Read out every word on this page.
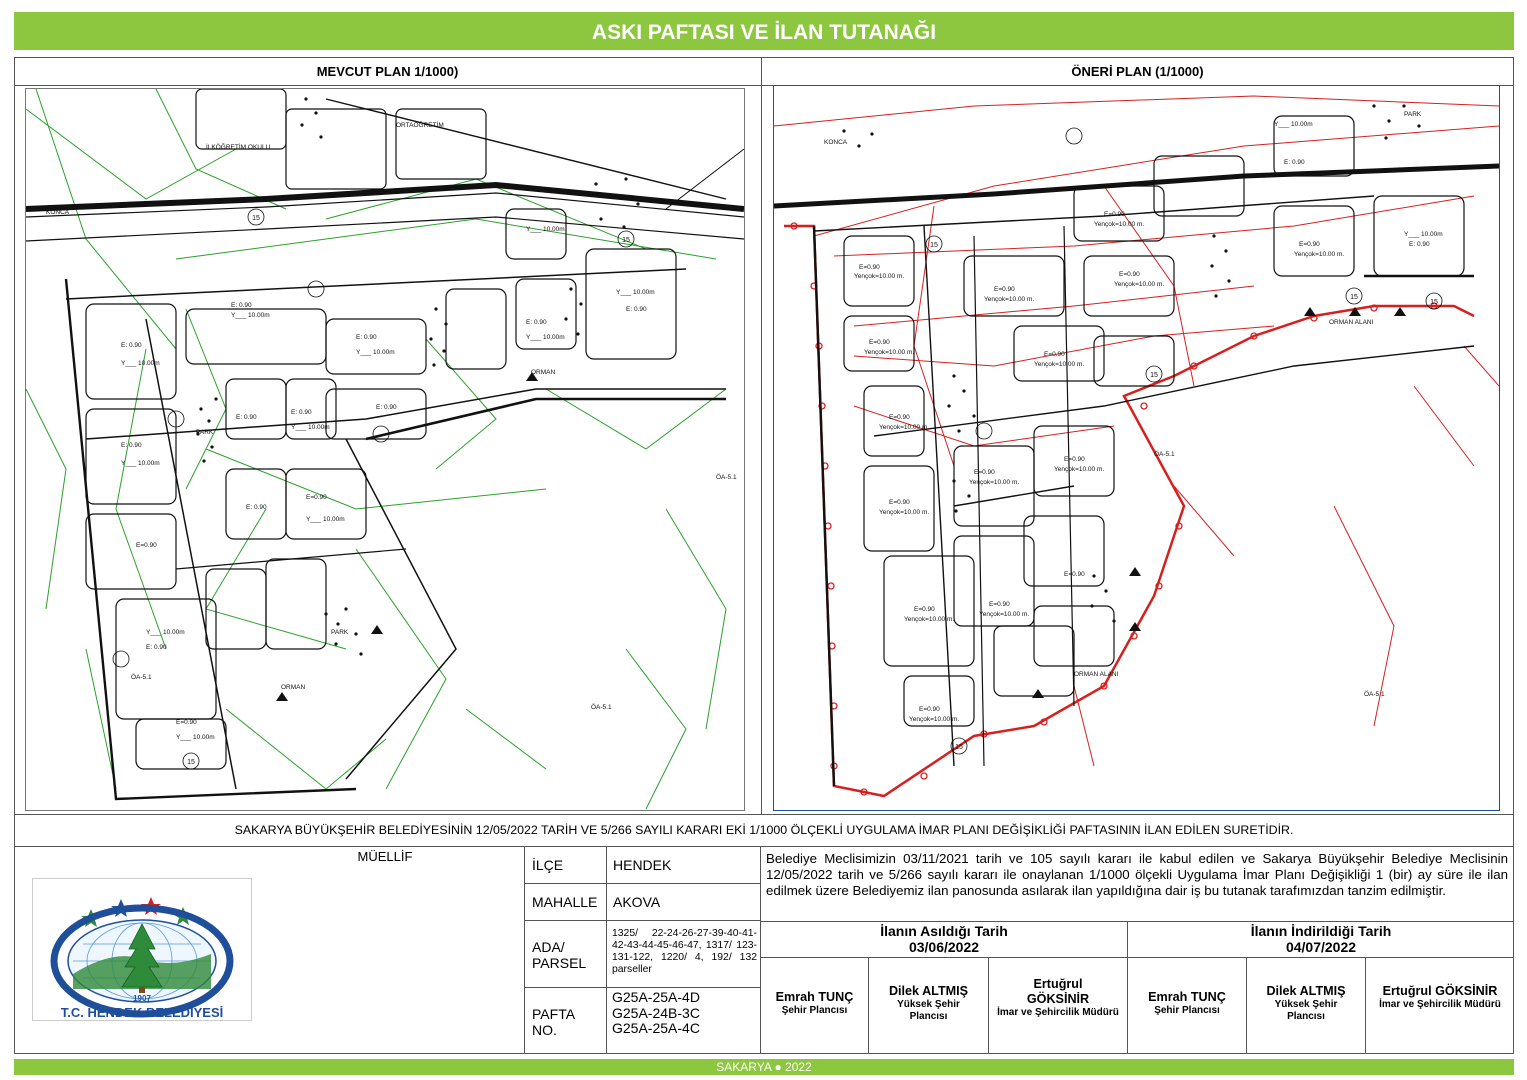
ASKI PAFTASI VE İLAN TUTANAĞI
MEVCUT PLAN 1/1000)	ÖNERİ PLAN (1/1000)
15
15
15
E: 0.90
Y___ 10.00m
E: 0.90
Y___ 10.00m
E=0.90
Y___ 10.00m
E: 0.90
E: 0.90
Y___ 10.00m
E: 0.90
E: 0.90
Y___ 10.00m
E: 0.90
Y___ 10.00m
E: 0.90
E: 0.90
E=0.90
Y___ 10.00m
Y___ 10.00m
E: 0.90
Y___ 10.00m
E: 0.90
Y___ 10.00m
E=0.90
Y___ 10.00m
İLKÖĞRETİM OKULU
ORTAÖĞRETİM
KONCA
ORMAN
ORMAN
PARK
PARK
ÖA-5.1
ÖA-5.1
ÖA-5.1
15
15
15
15
15
E=0.90
Yençok=10.00 m.
E=0.90
Yençok=10.00 m.
E=0.90
Yençok=10.00 m.
E=0.90
Yençok=10.00 m.
E=0.90
Yençok=10.00 m.
E=0.90
Yençok=10.00 m.
E=0.90
Yençok=10.00 m.
E=0.90
Yençok=10.00 m.
E=0.90
Yençok=10.00 m.
E=0.90
Yençok=10.00 m.
E=0.90
Yençok=10.00 m.
E=0.90
Yençok=10.00 m.
E=0.90
E=0.90
Yençok=10.00 m.
E=0.90
Yençok=10.00 m.
Y___ 10.00m
E: 0.90
Y___ 10.00m
E: 0.90
KONCA
ORMAN ALANI
ORMAN ALANI
ÖA-5.1
ÖA-5.1
PARK
SAKARYA BÜYÜKŞEHİR BELEDİYESİNİN 12/05/2022 TARİH VE 5/266 SAYILI KARARI EKİ 1/1000 ÖLÇEKLİ UYGULAMA İMAR PLANI DEĞİŞİKLİĞİ PAFTASININ İLAN EDİLEN SURETİDİR.
1907
T.C. HENDEK BELEDİYESİ
MÜELLİF
İLÇE	HENDEK
MAHALLE AKOVA
ADA/
PARSEL
1325/ 22-24-26-27-39-40-41-42-43-44-45-46-47, 1317/ 123-131-122, 1220/ 4, 192/ 132 parseller
PAFTA
NO.
G25A-25A-4D
G25A-24B-3C
G25A-25A-4C
Belediye Meclisimizin 03/11/2021 tarih ve 105 sayılı kararı ile kabul edilen ve Sakarya Büyükşehir Belediye Meclisinin 12/05/2022 tarih ve 5/266 sayılı kararı ile onaylanan 1/1000 ölçekli Uygulama İmar Planı Değişikliği 1 (bir) ay süre ile ilan edilmek üzere Belediyemiz ilan panosunda asılarak ilan yapıldığına dair iş bu tutanak tarafımızdan tanzim edilmiştir.
İlanın Asıldığı Tarih
03/06/2022
İlanın İndirildiği Tarih
04/07/2022
Emrah TUNÇ
Şehir Plancısı
Dilek ALTMIŞ
Yüksek Şehir Plancısı
Ertuğrul GÖKSİNİR
İmar ve Şehircilik Müdürü
Emrah TUNÇ
Şehir Plancısı
Dilek ALTMIŞ
Yüksek Şehir Plancısı
Ertuğrul GÖKSİNİR
İmar ve Şehircilik Müdürü
SAKARYA ● 2022
